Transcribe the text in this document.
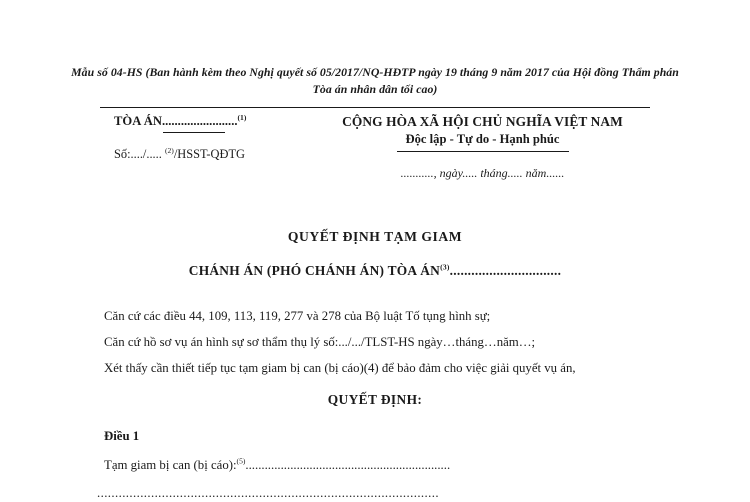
Mẫu số 04-HS (Ban hành kèm theo Nghị quyết số 05/2017/NQ-HĐTP ngày 19 tháng 9 năm 2017 của Hội đồng Thẩm phán Tòa án nhân dân tối cao)
TÒA ÁN........................$^{(1)}$
Số:..../..... $^{(2)}$/HSST-QĐTG
CỘNG HÒA XÃ HỘI CHỦ NGHĨA VIỆT NAM
Độc lập - Tự do - Hạnh phúc
..........., ngày..... tháng..... năm......
QUYẾT ĐỊNH TẠM GIAM
CHÁNH ÁN (PHÓ CHÁNH ÁN) TÒA ÁN$^{(3)}$...............................
Căn cứ các điều 44, 109, 113, 119, 277 và 278 của Bộ luật Tố tụng hình sự;
Căn cứ hồ sơ vụ án hình sự sơ thẩm thụ lý số:.../.../TLST-HS ngày…tháng…năm…;
Xét thấy cần thiết tiếp tục tạm giam bị can (bị cáo)(4) để bảo đảm cho việc giải quyết vụ án,
QUYẾT ĐỊNH:
Điều 1
Tạm giam bị can (bị cáo):$^{(5)}$................................................................
...............................................................................................
